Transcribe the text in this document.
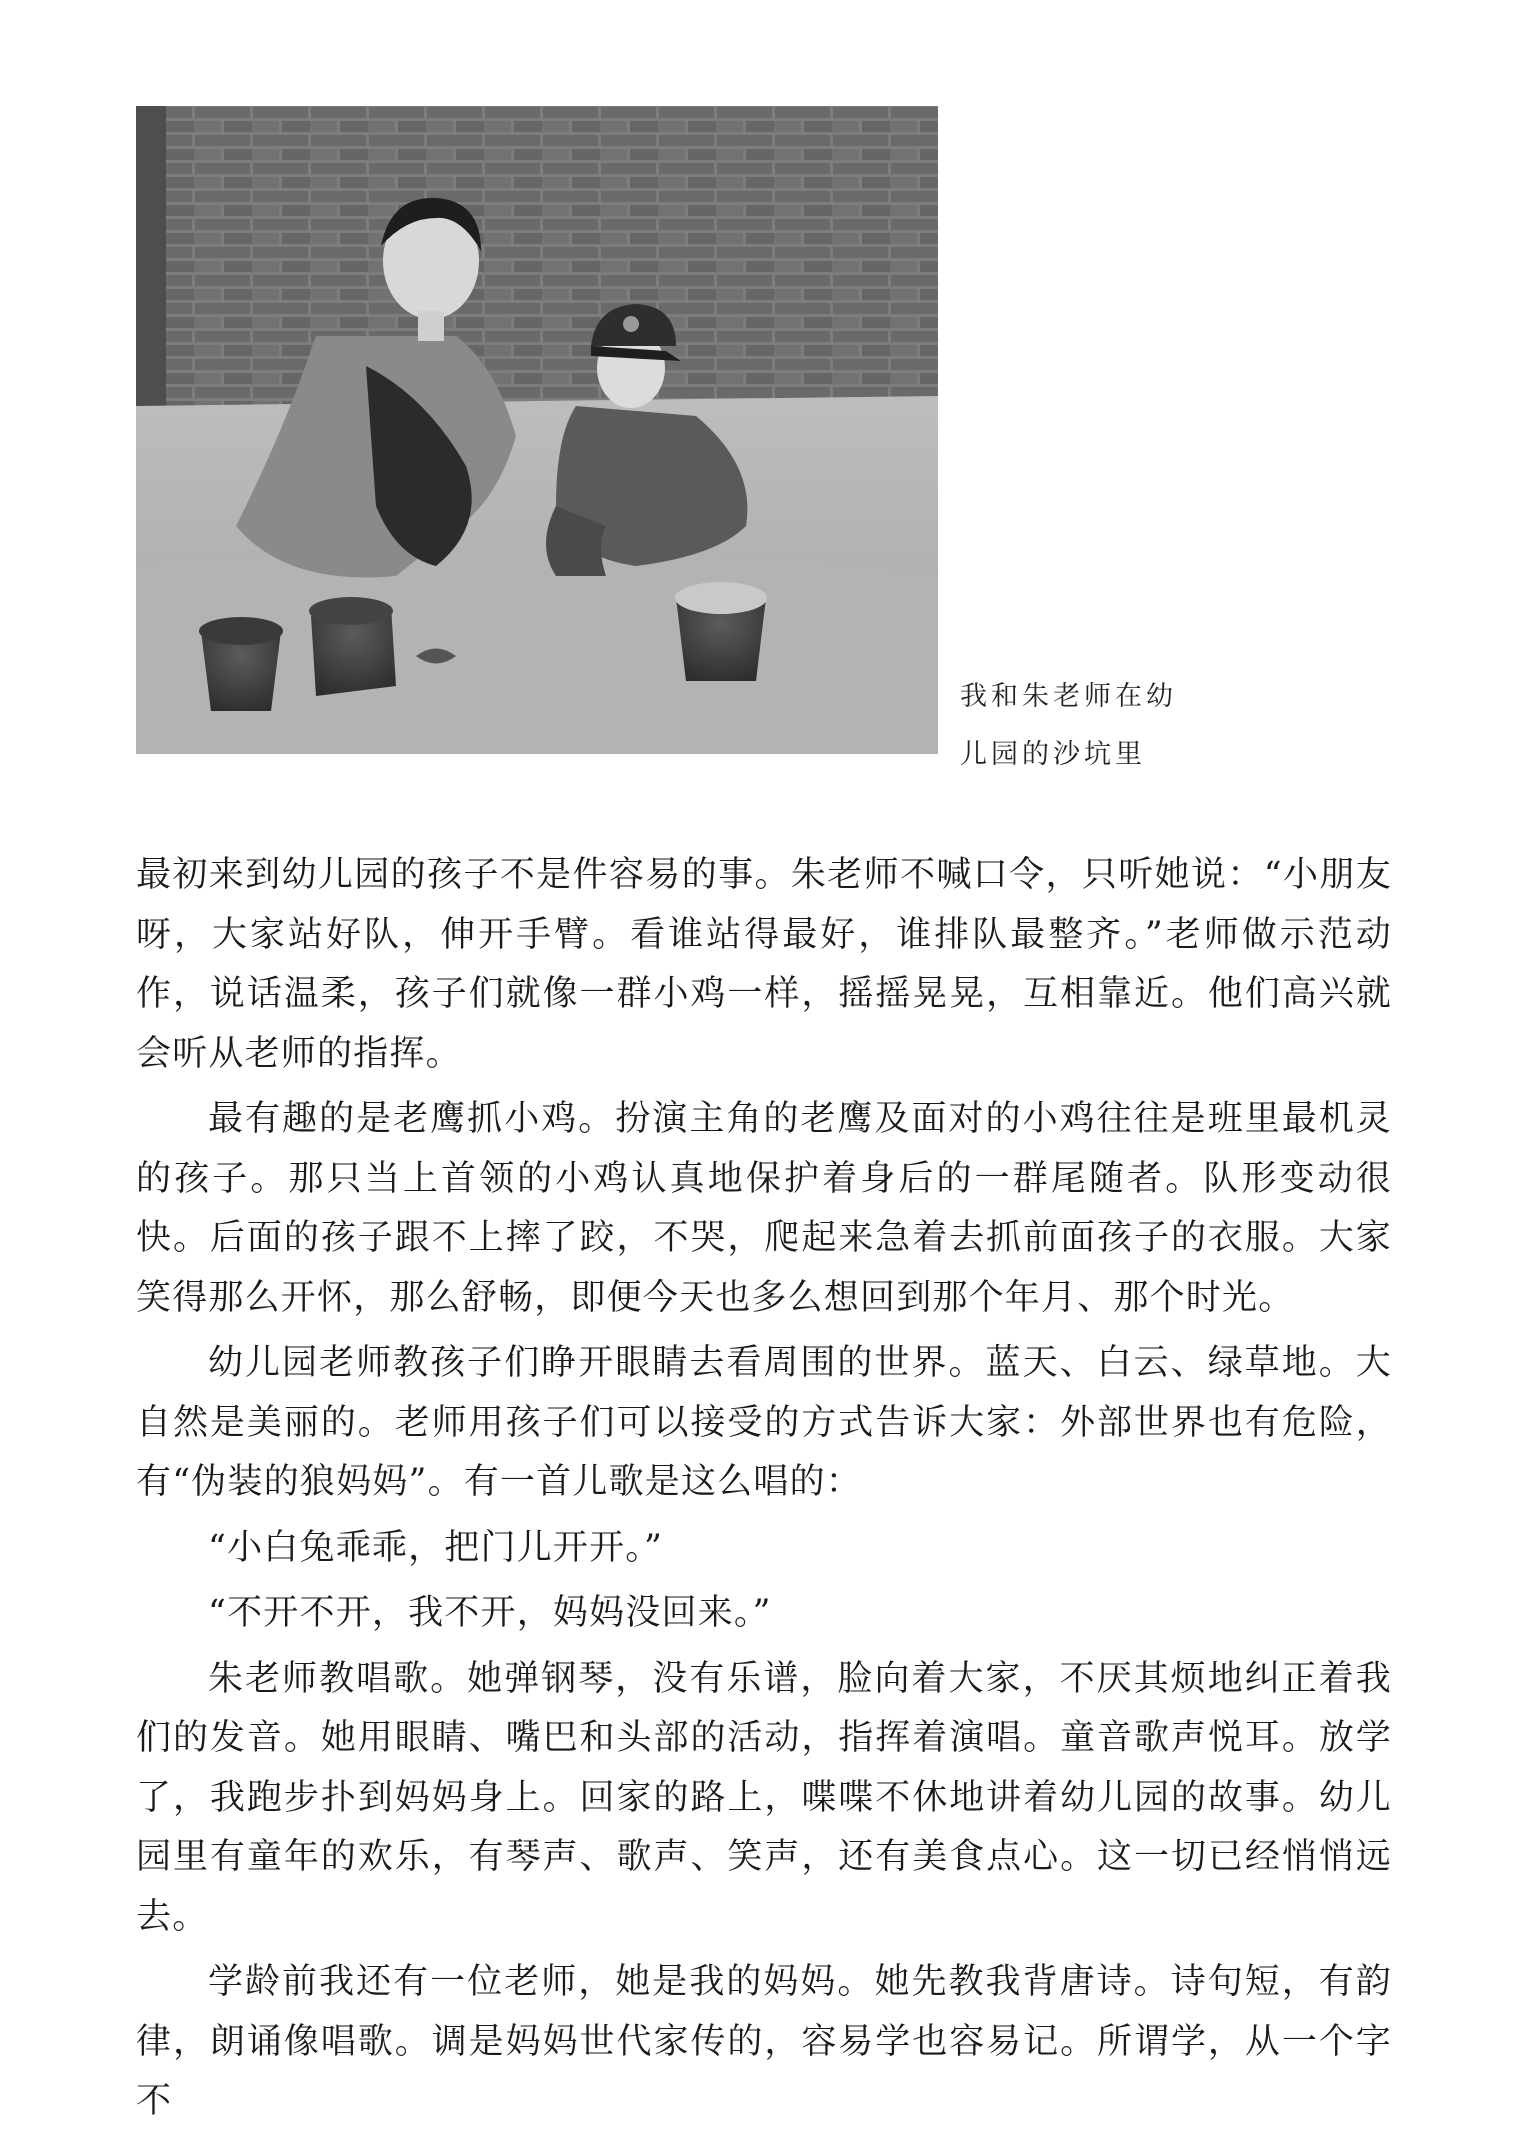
我和朱老师在幼
儿园的沙坑里

最初来到幼儿园的孩子不是件容易的事。朱老师不喊口令，只听她说：“小朋友呀，大家站好队，伸开手臂。看谁站得最好，谁排队最整齐。”老师做示范动作，说话温柔，孩子们就像一群小鸡一样，摇摇晃晃，互相靠近。他们高兴就会听从老师的指挥。

最有趣的是老鹰抓小鸡。扮演主角的老鹰及面对的小鸡往往是班里最机灵的孩子。那只当上首领的小鸡认真地保护着身后的一群尾随者。队形变动很快。后面的孩子跟不上摔了跤，不哭，爬起来急着去抓前面孩子的衣服。大家笑得那么开怀，那么舒畅，即便今天也多么想回到那个年月、那个时光。

幼儿园老师教孩子们睁开眼睛去看周围的世界。蓝天、白云、绿草地。大自然是美丽的。老师用孩子们可以接受的方式告诉大家：外部世界也有危险，有“伪装的狼妈妈”。有一首儿歌是这么唱的：

“小白兔乖乖，把门儿开开。”

“不开不开，我不开，妈妈没回来。”

朱老师教唱歌。她弹钢琴，没有乐谱，脸向着大家，不厌其烦地纠正着我们的发音。她用眼睛、嘴巴和头部的活动，指挥着演唱。童音歌声悦耳。放学了，我跑步扑到妈妈身上。回家的路上，喋喋不休地讲着幼儿园的故事。幼儿园里有童年的欢乐，有琴声、歌声、笑声，还有美食点心。这一切已经悄悄远去。

学龄前我还有一位老师，她是我的妈妈。她先教我背唐诗。诗句短，有韵律，朗诵像唱歌。调是妈妈世代家传的，容易学也容易记。所谓学，从一个字不
